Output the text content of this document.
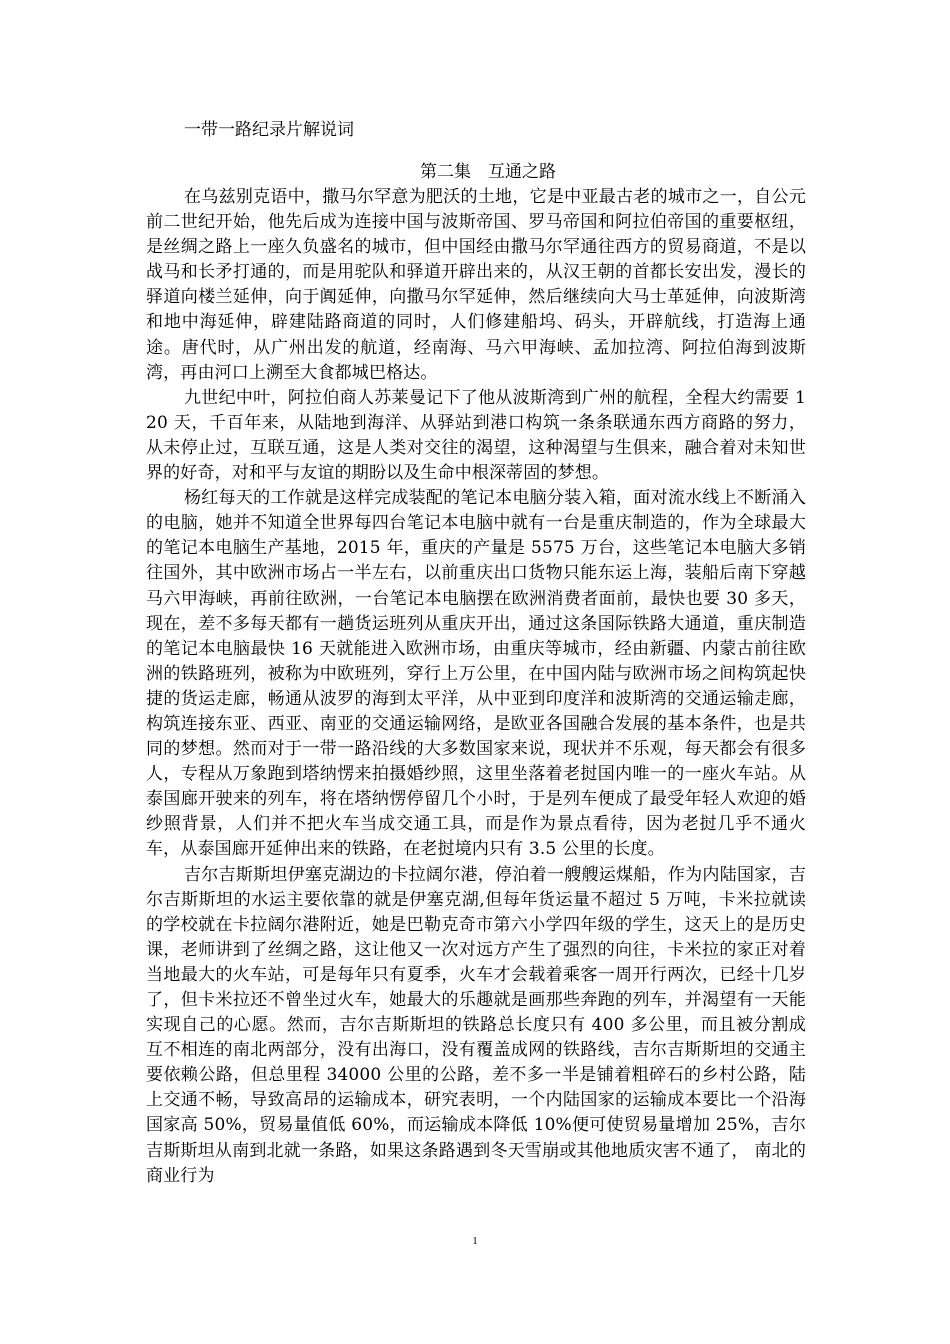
一带一路纪录片解说词
第二集　互通之路

在乌兹别克语中，撒马尔罕意为肥沃的土地，它是中亚最古老的城市之一，自公元前二世纪开始，他先后成为连接中国与波斯帝国、罗马帝国和阿拉伯帝国的重要枢纽，是丝绸之路上一座久负盛名的城市，但中国经由撒马尔罕通往西方的贸易商道，不是以战马和长矛打通的，而是用驼队和驿道开辟出来的，从汉王朝的首都长安出发，漫长的驿道向楼兰延伸，向于阗延伸，向撒马尔罕延伸，然后继续向大马士革延伸，向波斯湾和地中海延伸，辟建陆路商道的同时，人们修建船坞、码头，开辟航线，打造海上通途。唐代时，从广州出发的航道，经南海、马六甲海峡、孟加拉湾、阿拉伯海到波斯湾，再由河口上溯至大食都城巴格达。

九世纪中叶，阿拉伯商人苏莱曼记下了他从波斯湾到广州的航程，全程大约需要 120 天，千百年来，从陆地到海洋、从驿站到港口构筑一条条联通东西方商路的努力，从未停止过，互联互通，这是人类对交往的渴望，这种渴望与生俱来，融合着对未知世界的好奇，对和平与友谊的期盼以及生命中根深蒂固的梦想。

杨红每天的工作就是这样完成装配的笔记本电脑分装入箱，面对流水线上不断涌入的电脑，她并不知道全世界每四台笔记本电脑中就有一台是重庆制造的，作为全球最大的笔记本电脑生产基地，2015 年，重庆的产量是 5575 万台，这些笔记本电脑大多销往国外，其中欧洲市场占一半左右，以前重庆出口货物只能东运上海，装船后南下穿越马六甲海峡，再前往欧洲，一台笔记本电脑摆在欧洲消费者面前，最快也要 30 多天，现在，差不多每天都有一趟货运班列从重庆开出，通过这条国际铁路大通道，重庆制造的笔记本电脑最快 16 天就能进入欧洲市场，由重庆等城市，经由新疆、内蒙古前往欧洲的铁路班列，被称为中欧班列，穿行上万公里，在中国内陆与欧洲市场之间构筑起快捷的货运走廊，畅通从波罗的海到太平洋，从中亚到印度洋和波斯湾的交通运输走廊，构筑连接东亚、西亚、南亚的交通运输网络，是欧亚各国融合发展的基本条件，也是共同的梦想。然而对于一带一路沿线的大多数国家来说，现状并不乐观，每天都会有很多人，专程从万象跑到塔纳愣来拍摄婚纱照，这里坐落着老挝国内唯一的一座火车站。从泰国廊开驶来的列车，将在塔纳愣停留几个小时，于是列车便成了最受年轻人欢迎的婚纱照背景，人们并不把火车当成交通工具，而是作为景点看待，因为老挝几乎不通火车，从泰国廊开延伸出来的铁路，在老挝境内只有 3.5 公里的长度。

吉尔吉斯斯坦伊塞克湖边的卡拉阔尔港，停泊着一艘艘运煤船，作为内陆国家，吉尔吉斯斯坦的水运主要依靠的就是伊塞克湖,但每年货运量不超过 5 万吨，卡米拉就读的学校就在卡拉阔尔港附近，她是巴勒克奇市第六小学四年级的学生，这天上的是历史课，老师讲到了丝绸之路，这让他又一次对远方产生了强烈的向往，卡米拉的家正对着当地最大的火车站，可是每年只有夏季，火车才会载着乘客一周开行两次，已经十几岁了，但卡米拉还不曾坐过火车，她最大的乐趣就是画那些奔跑的列车，并渴望有一天能实现自己的心愿。然而，吉尔吉斯斯坦的铁路总长度只有 400 多公里，而且被分割成互不相连的南北两部分，没有出海口，没有覆盖成网的铁路线，吉尔吉斯斯坦的交通主要依赖公路，但总里程 34000 公里的公路，差不多一半是铺着粗碎石的乡村公路，陆上交通不畅，导致高昂的运输成本，研究表明，一个内陆国家的运输成本要比一个沿海国家高 50%，贸易量值低 60%，而运输成本降低 10%便可使贸易量增加 25%，吉尔吉斯斯坦从南到北就一条路，如果这条路遇到冬天雪崩或其他地质灾害不通了， 南北的商业行为

1
